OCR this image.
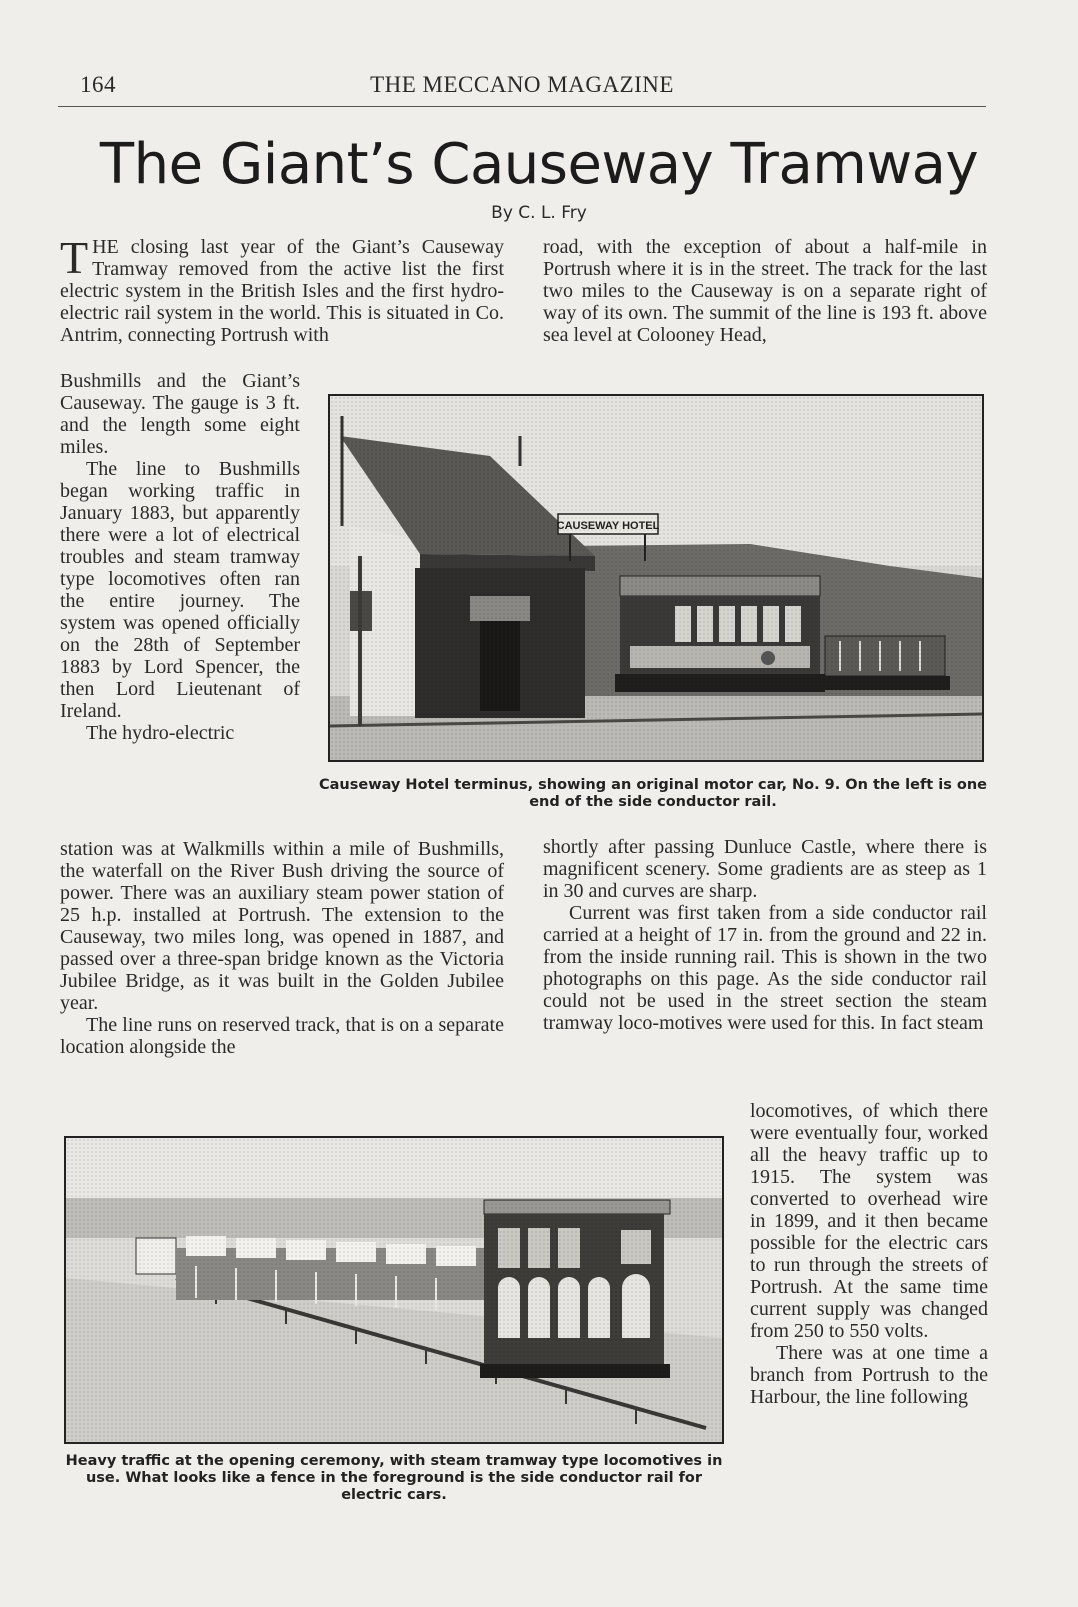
164	THE MECCANO MAGAZINE
The Giant’s Causeway Tramway
By C. L. Fry

THE closing last year of the Giant’s Causeway Tramway removed from the active list the first electric system in the British Isles and the first hydro-electric rail system in the world. This is situated in Co. Antrim, connecting Portrush with

Bushmills and the Giant’s Causeway. The gauge is 3 ft. and the length some eight miles.

The line to Bushmills began working traffic in January 1883, but apparently there were a lot of electrical troubles and steam tramway type locomotives often ran the entire journey. The system was opened officially on the 28th of September 1883 by Lord Spencer, the then Lord Lieutenant of Ireland.

The hydro-electric

station was at Walkmills within a mile of Bushmills, the waterfall on the River Bush driving the source of power. There was an auxiliary steam power station of 25 h.p. installed at Portrush. The extension to the Causeway, two miles long, was opened in 1887, and passed over a three-span bridge known as the Victoria Jubilee Bridge, as it was built in the Golden Jubilee year.

The line runs on reserved track, that is on a separate location alongside the

road, with the exception of about a half-mile in Portrush where it is in the street. The track for the last two miles to the Causeway is on a separate right of way of its own. The summit of the line is 193 ft. above sea level at Colooney Head,

shortly after passing Dunluce Castle, where there is magnificent scenery. Some gradients are as steep as 1 in 30 and curves are sharp.

Current was first taken from a side conductor rail carried at a height of 17 in. from the ground and 22 in. from the inside running rail. This is shown in the two photographs on this page. As the side conductor rail could not be used in the street section the steam tramway loco-motives were used for this. In fact steam

locomotives, of which there were eventually four, worked all the heavy traffic up to 1915. The system was converted to overhead wire in 1899, and it then became possible for the electric cars to run through the streets of Portrush. At the same time current supply was changed from 250 to 550 volts.

There was at one time a branch from Portrush to the Harbour, the line following

Causeway Hotel terminus, showing an original motor car, No. 9. On the left is one end of the side conductor rail.
Heavy traffic at the opening ceremony, with steam tramway type locomotives in use. What looks like a fence in the foreground is the side conductor rail for electric cars.
